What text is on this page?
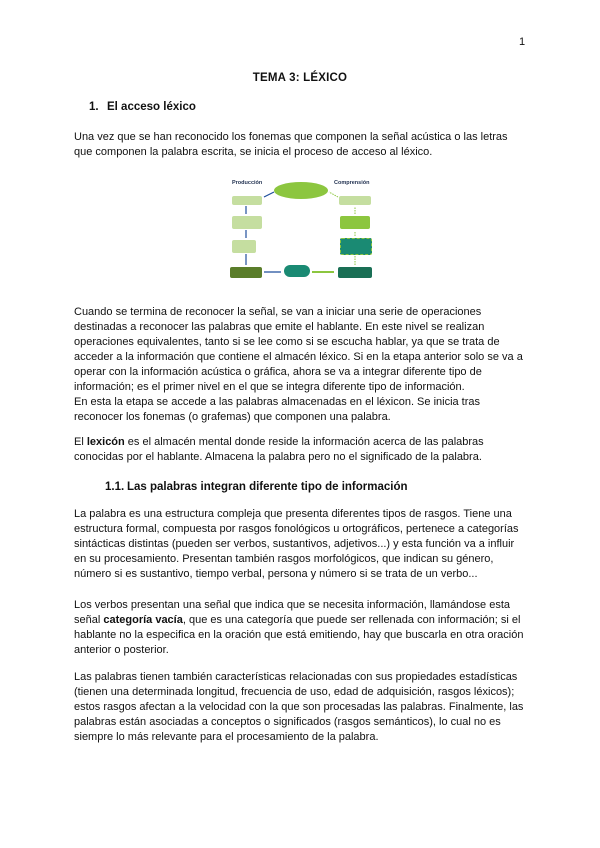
1
TEMA 3: LÉXICO
1. El acceso léxico

Una vez que se han reconocido los fonemas que componen la señal acústica o las letras

que componen la palabra escrita, se inicia el proceso de acceso al léxico.

Producción	Comprensión

Cuando se termina de reconocer la señal, se van a iniciar una serie de operaciones

destinadas a reconocer las palabras que emite el hablante. En este nivel se realizan

operaciones equivalentes, tanto si se lee como si se escucha hablar, ya que se trata de

acceder a la información que contiene el almacén léxico. Si en la etapa anterior solo se va a

operar con la información acústica o gráfica, ahora se va a integrar diferente tipo de

información; es el primer nivel en el que se integra diferente tipo de información.

En esta la etapa se accede a las palabras almacenadas en el léxicon. Se inicia tras

reconocer los fonemas (o grafemas) que componen una palabra.

El lexicón es el almacén mental donde reside la información acerca de las palabras

conocidas por el hablante. Almacena la palabra pero no el significado de la palabra.

1.1. Las palabras integran diferente tipo de información

La palabra es una estructura compleja que presenta diferentes tipos de rasgos. Tiene una

estructura formal, compuesta por rasgos fonológicos u ortográficos, pertenece a categorías

sintácticas distintas (pueden ser verbos, sustantivos, adjetivos...) y esta función va a influir

en su procesamiento. Presentan también rasgos morfológicos, que indican su género,

número si es sustantivo, tiempo verbal, persona y número si se trata de un verbo...

Los verbos presentan una señal que indica que se necesita información, llamándose esta

señal categoría vacía, que es una categoría que puede ser rellenada con información; si el

hablante no la especifica en la oración que está emitiendo, hay que buscarla en otra oración

anterior o posterior.

Las palabras tienen también características relacionadas con sus propiedades estadísticas

(tienen una determinada longitud, frecuencia de uso, edad de adquisición, rasgos léxicos);

estos rasgos afectan a la velocidad con la que son procesadas las palabras. Finalmente, las

palabras están asociadas a conceptos o significados (rasgos semánticos), lo cual no es

siempre lo más relevante para el procesamiento de la palabra.
